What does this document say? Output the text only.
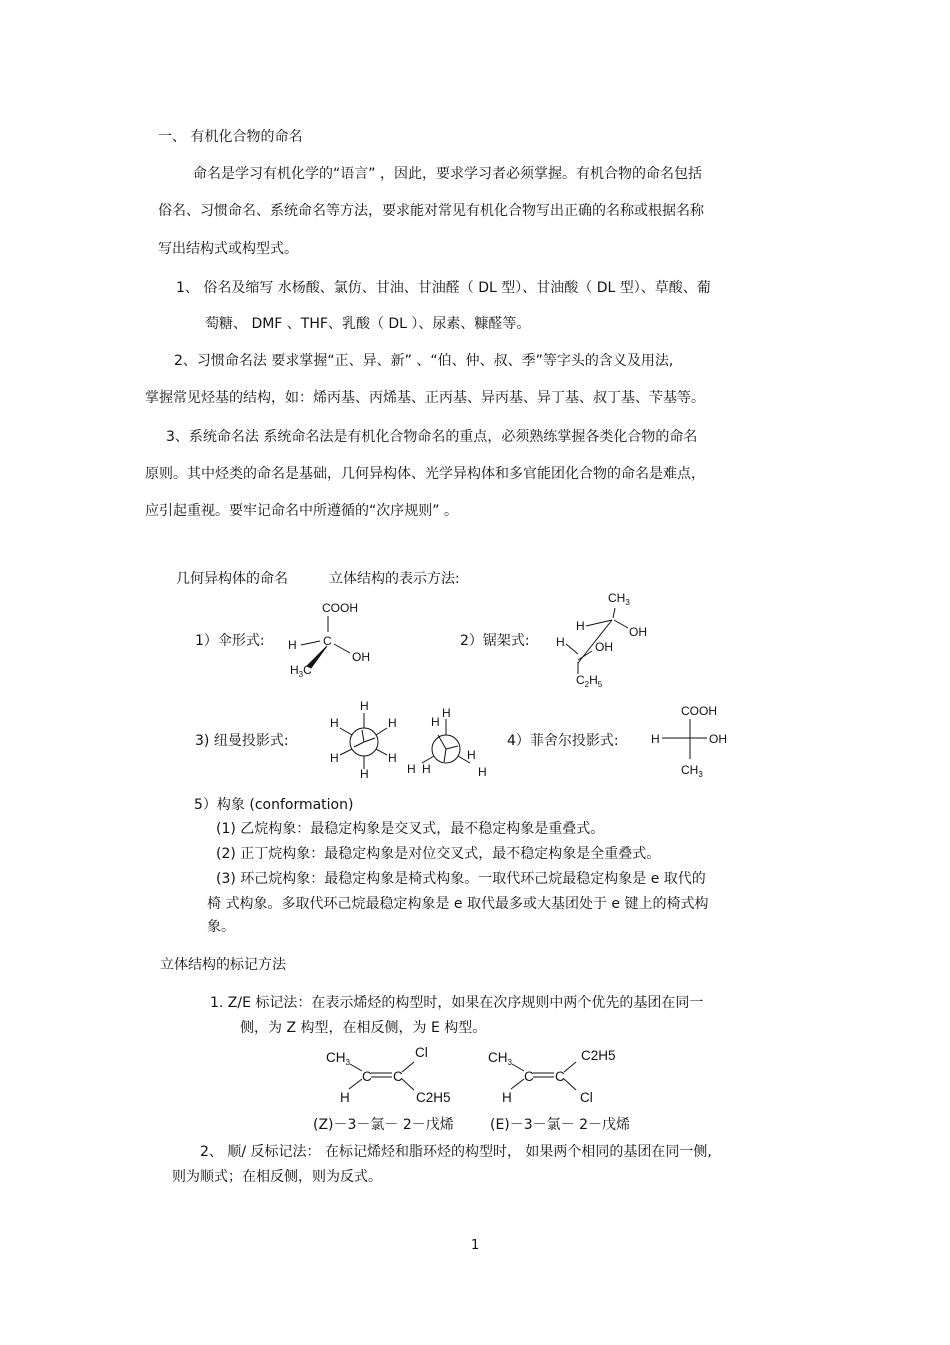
一、 有机化合物的命名
命名是学习有机化学的“语言” ，因此，要求学习者必须掌握。有机合物的命名包括
俗名、习惯命名、系统命名等方法，要求能对常见有机化合物写出正确的名称或根据名称
写出结构式或构型式。
1、 俗名及缩写 水杨酸、氯仿、甘油、甘油醛（ DL 型）、甘油酸（ DL 型）、草酸、葡
萄糖、 DMF 、THF、乳酸（ DL ）、尿素、糠醛等。
2、习惯命名法 要求掌握“正、异、新” 、“伯、仲、叔、季”等字头的含义及用法,
掌握常见烃基的结构，如：烯丙基、丙烯基、正丙基、异丙基、异丁基、叔丁基、苄基等。
3、系统命名法 系统命名法是有机化合物命名的重点，必须熟练掌握各类化合物的命名
原则。其中烃类的命名是基础，几何异构体、光学异构体和多官能团化合物的命名是难点，
应引起重视。要牢记命名中所遵循的“次序规则” 。
几何异构体的命名	立体结构的表示方法:
1）伞形式:	2）锯架式:
COOH
C
H
OH
$H_3C$
$CH_3$
H	OH
H	OH
$C_2H_5$
3) 纽曼投影式:	4）菲舍尔投影式:
H
H
H
H
H
H
H
H
H
H
H H
COOH
H	OH
$CH_3$
5）构象 (conformation)
(1) 乙烷构象：最稳定构象是交叉式，最不稳定构象是重叠式。
(2) 正丁烷构象：最稳定构象是对位交叉式，最不稳定构象是全重叠式。
(3) 环己烷构象：最稳定构象是椅式构象。一取代环己烷最稳定构象是 e 取代的
椅 式构象。多取代环己烷最稳定构象是 e 取代最多或大基团处于 e 键上的椅式构
象。
立体结构的标记方法
1. Z/E 标记法：在表示烯烃的构型时，如果在次序规则中两个优先的基团在同一
侧，为 Z 构型，在相反侧，为 E 构型。
$CH_3$
C C
Cl
H	C2H5
$CH_3$
C C
C2H5
H	Cl
(Z)－3－氯－ 2－戊烯	(E)－3－氯－ 2－戊烯
2、 顺/ 反标记法： 在标记烯烃和脂环烃的构型时， 如果两个相同的基团在同一侧,
则为顺式；在相反侧，则为反式。
1
